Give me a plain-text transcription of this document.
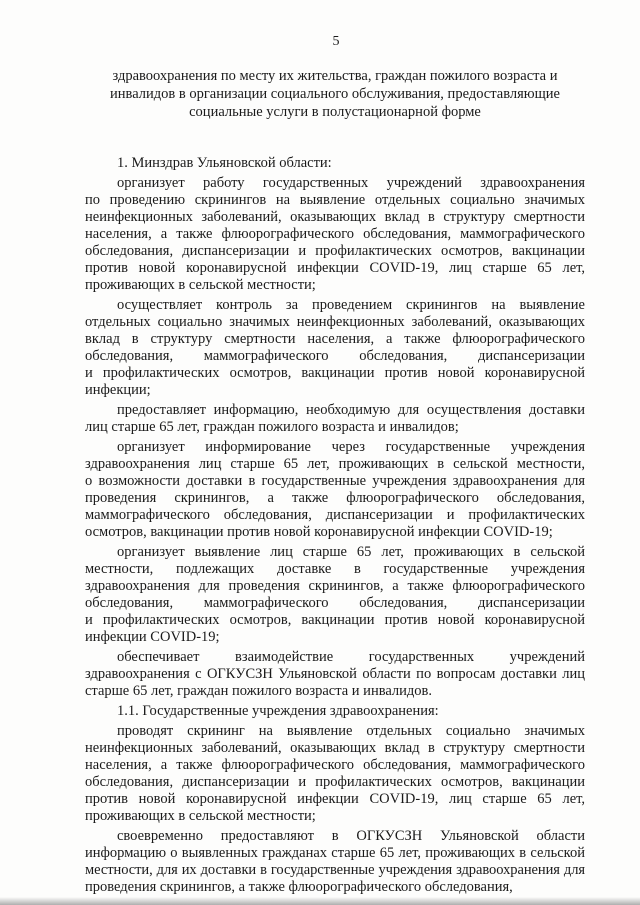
5
здравоохранения по месту их жительства, граждан пожилого возраста и
инвалидов в организации социального обслуживания, предоставляющие
социальные услуги в полустационарной форме
1. Минздрав Ульяновской области:
организует работу государственных учреждений здравоохранения
по проведению скринингов на выявление отдельных социально значимых
неинфекционных заболеваний, оказывающих вклад в структуру смертности
населения, а также флюорографического обследования, маммографического
обследования, диспансеризации и профилактических осмотров, вакцинации
против новой коронавирусной инфекции COVID-19, лиц старше 65 лет,
проживающих в сельской местности;
осуществляет контроль за проведением скринингов на выявление
отдельных социально значимых неинфекционных заболеваний, оказывающих
вклад в структуру смертности населения, а также флюорографического
обследования, маммографического обследования, диспансеризации
и профилактических осмотров, вакцинации против новой коронавирусной
инфекции;
предоставляет информацию, необходимую для осуществления доставки
лиц старше 65 лет, граждан пожилого возраста и инвалидов;
организует информирование через государственные учреждения
здравоохранения лиц старше 65 лет, проживающих в сельской местности,
о возможности доставки в государственные учреждения здравоохранения для
проведения скринингов, а также флюорографического обследования,
маммографического обследования, диспансеризации и профилактических
осмотров, вакцинации против новой коронавирусной инфекции COVID-19;
организует выявление лиц старше 65 лет, проживающих в сельской
местности, подлежащих доставке в государственные учреждения
здравоохранения для проведения скринингов, а также флюорографического
обследования, маммографического обследования, диспансеризации
и профилактических осмотров, вакцинации против новой коронавирусной
инфекции COVID-19;
обеспечивает взаимодействие государственных учреждений
здравоохранения с ОГКУСЗН Ульяновской области по вопросам доставки лиц
старше 65 лет, граждан пожилого возраста и инвалидов.
1.1. Государственные учреждения здравоохранения:
проводят скрининг на выявление отдельных социально значимых
неинфекционных заболеваний, оказывающих вклад в структуру смертности
населения, а также флюорографического обследования, маммографического
обследования, диспансеризации и профилактических осмотров, вакцинации
против новой коронавирусной инфекции COVID-19, лиц старше 65 лет,
проживающих в сельской местности;
своевременно предоставляют в ОГКУСЗН Ульяновской области
информацию о выявленных гражданах старше 65 лет, проживающих в сельской
местности, для их доставки в государственные учреждения здравоохранения для
проведения скринингов, а также флюорографического обследования,
